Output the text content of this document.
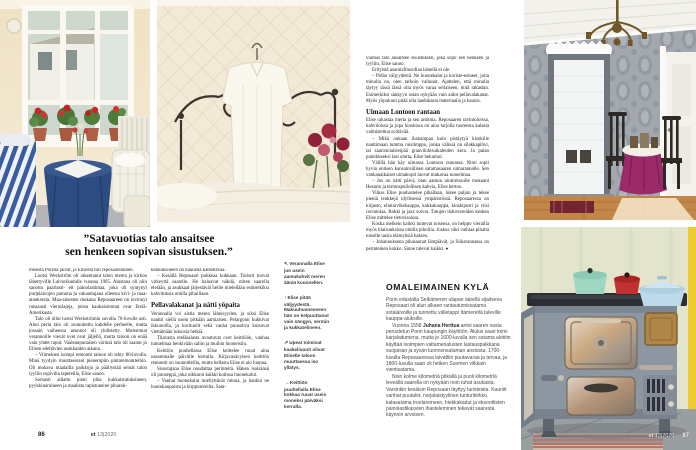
”Satavuotias talo ansaitsee
sen henkeen sopivan sisustuksen.”

misestä Porista jäivät, ja Elisestä tuli reposaarelainen.

Luotsi Weckström oli rakentanut talon meren ja kirkon lähettyville Laivurikadulle vuonna 1905. Alustana oli niin sanottu paarlasti- eli painolastimaa, joka oli syntynyt purjelaivojen painona ja vakauttajana olleesta kivi- ja maa-aineksesta. Maa-ainesten mukana Reposaareen on levinnyt runsaasti vieraslajeja, joista kaukaisimmat ovat Etelä-Amerikasta.

Talo oli ollut luotsi Weckströmin suvulla 70-luvulle asti. Alun perin talo oli suunniteltu kahdelle perheelle, mutta jossain vaiheessa asunnot oli yhdistetty. Molemmat verannoille vievät ovet ovat jäljellä, mutta taloon on enää vain yhdet raput. Vaaleanpunaisen värinsä talo oli saanut jo Elisen edeltävien asukkaiden aikana.

– Viimeinen isompi remontti taloon oli tehty 80-luvulla. Minä tyydyin muuttaessani pienempiin pintaremontteihin. Oli mukava maalailla paikkoja ja päällystää seinät talon tyyliin sopivilla tapeteilla, Elise sanoo.

Somasti aidattu pieni piha kukkaistutuksineen, pyykkinaruineen ja maalista rapistuneine piharak-

kennuksineen on kaunista katseltavaa.

– Kesällä Reposaari puhkeaa kukkaan. Turistit tuovat virkeyttä saarelle. He haluavat nähdä, miten saarella eletään, ja asukkaat järjestävät heille mielellään esimerkiksi kahvituksia omilla pihoillaan.

Pellavalakanat ja nätti yöpaita

Verannalla voi aistia meren läheisyyden, ja siksi Elise nauttii siellä usein pitkään aamiaisen. Pelargonit kukkivat ikkunoilla, ja korituolit sekä vanha puusohva kutsuvat viettämään lokoisia hetkiä.

Tilavasta eteläsalasta avautuvat ovet keittiöön, vanhaa tunnelmaa henkivään saliin ja muihin huoneisiin.

Keittiön puuhellassa Elise keittelee ruuat aina useammalle päivälle kerralla. Kirjavasävyisen keittiön remontti on suunnitteilla, mutta hellasta Elise ei aio luopua.

Sisustajana Elise noudattaa perinteitä. Hänen isoisänsä oli puuseppä, joka nikkaroi kaikki kotinsa huonekalut.

– Vanhat huonekalut miellyttävät minua, ja hankin ne huutokaupoista ja kirpputoreilta. Sata-

↖Verannalla Elise juo usein aamukahvit meren ääniä kuunnellen.

↑Elise pitää väljyydestä. Makuuhuoneeseen hän on kelpuuttanut vain sängyn, sermin ja kukkatelineen.

↗Upeat toimivat kaakeliuunit olivat Eliselle taloon muuttaessa iso yllätys.

→Keittiön puuhellalla Elise kokkaa ruuat usein moneksi päiväksi kerralla.

vuotias talo ansaitsee sisustuksen, joka sopii sen henkeen ja tyyliin, Elise sanoo.

Erityistä asumisfilosofiaa hänellä ei ole.

– Pidän väljyydestä. Ne huonekalut ja koriste-esineet, joita minulla on, olen tarkoin valinnut. Ajattelen, että minulla täytyy tässä iässä olla myös varaa sellaiseen, mitä rakastan. Esimerkiksi sänkyyn ostan nykyään vain aidot pellavalakanat. Myös yöpukuni pitää olla laadukasta materiaalia ja kaunis.

Uimaan Lontoon rantaan

Elise rakastaa merta ja sen antimia. Reposaaren ravintoloissa, kahviloissa ja jopa kioskissa on aina tarjolla tuoreesta kalasta valmistettua syötävää.

– Mikä onkaan ihanampaa kuin pistäytyä kioskille nauttimaan tumma ruislimppu, jonka välissä on silakkapihvi, tai saaristolaisleipää graavilohisuikaleiden kera. Ja palan painikkeeksi lasi olutta, Elise hekumoi.

Välillä hän käy uimassa Lontoon rannassa. Nimi sopii hyvin entisen kansainvälisen satamasaaren uimarannalle. Sen vanhanaikaiset uimakopit luovat mukavaa tunnelmaa.

– Jos on nätti päivä, otan aamun uintireissulle mukaani Hesarin ja termospullollisen kahvia, Elise kertoo.

Vilkas Elise puuhastelee pihallaan, lukee paljon ja tekee pieniä lenkkejä idyllisessä ympäristössä. Reposaaressa on kirjasto, elintarvikekauppa, kukkakauppa, kioskiposti ja viisi ravintolaa. Rokki ja jazz soivat. Tutujen ikätovereiden kesken Elise mittelee tietovisoissa.

Koska melkein kaikki tuntevat toisensa, on helppo vierailla myös tilaisuuksissa omilla pihoilla. Joskus väki vaihtaa pihalta toiselle uusia elämyksiä hakien.

– Juhannuksena pihasaunat lämpiävät, ja Siikarannassa on perinteinen kokko. Sinne tulevat kaikki. ●

OMALEIMAINEN KYLÄ

Porin edustalla Selkämeren ulapan äärellä sijaitseva Reposaari oli alun alkaen rantautumissatama sotalaivoille ja tunnettu välietappi Itämereltä tuleville kauppa-aluksille.

Vuonna 1558 Juhana Herttua antoi saaren vasta perustetun Porin kaupungin käyttöön. Aluksi saari toimi karjalaitumena, mutta jo 1600-luvulla sen satama alettiin käyttää isoimpien valtamerialusten lastauspaikkana suojaisan ja syvän luonnonsataman ansiosta. 1700-luvulla Reposaaressa laivattiin puutavaraa ja tervaa, ja 1800-luvulla saari oli hetken Suomen vilkkain vientisatama.

Noin kolme kilometriä pitkällä ja puoli kilometriä leveällä saarella on nykyään noin tuhat asukasta. Varsinkin kesäisin Reposaari täyttyy turisteista. Kauniit vanhat puutalot, norjalaistyylinen tunturikirkko, kalasatama troolareineen, hiekkakadut ja eksoottisten painolastikasvien ihasteleminen tekevät saaresta käynnin arvoisen.

86	et 13|2020	et 13|2020 87
